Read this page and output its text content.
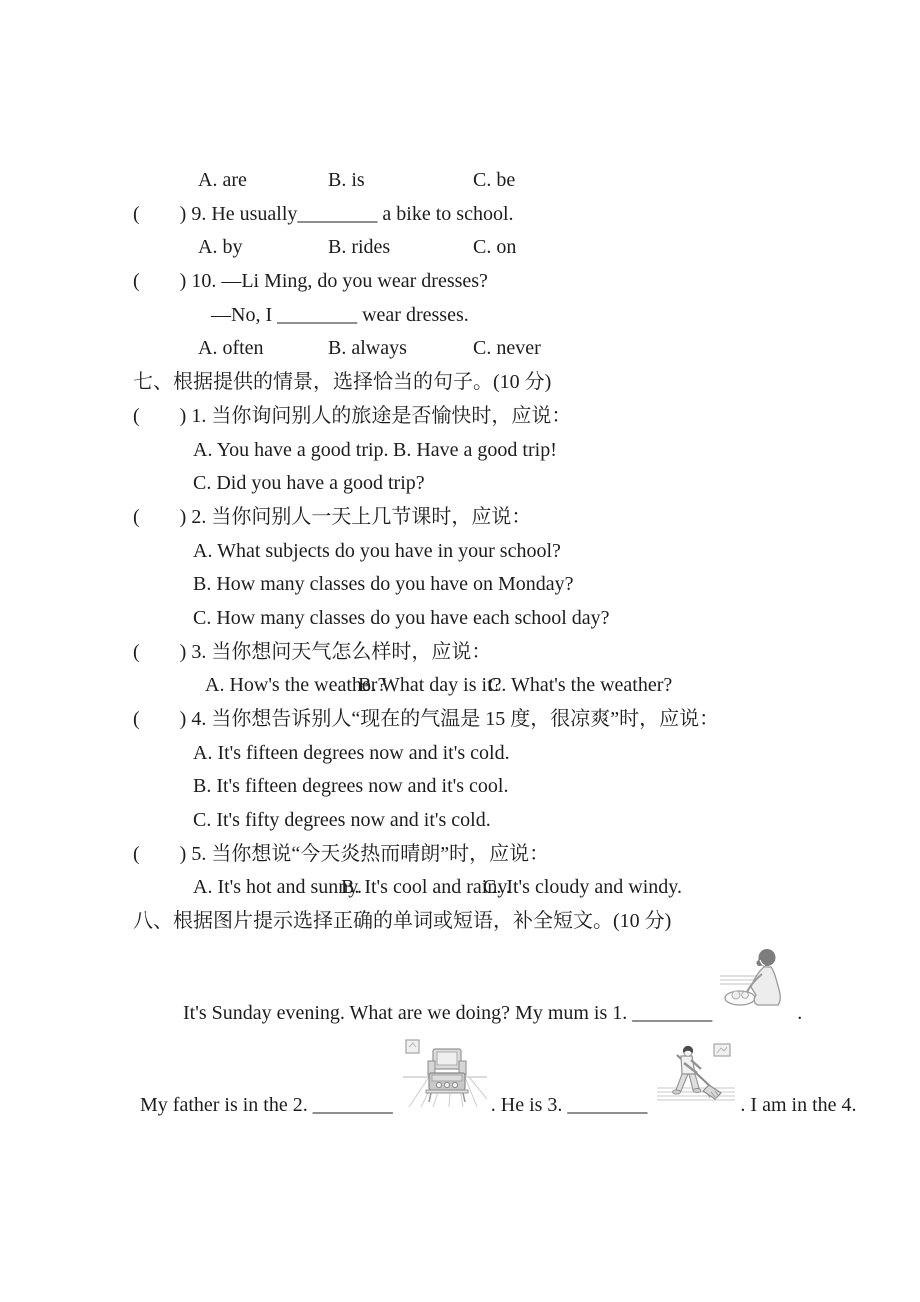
A. are	B. is	C. be
(　　) 9. He usually________ a bike to school.
A. by	B. rides	C. on
(　　) 10. —Li Ming, do you wear dresses?
—No, I ________ wear dresses.
A. often	B. always	C. never
七、根据提供的情景，选择恰当的句子。(10 分)
(　　) 1. 当你询问别人的旅途是否愉快时，应说：
A. You have a good trip. B. Have a good trip!
C. Did you have a good trip?
(　　) 2. 当你问别人一天上几节课时，应说：
A. What subjects do you have in your school?
B. How many classes do you have on Monday?
C. How many classes do you have each school day?
(　　) 3. 当你想问天气怎么样时，应说：
A. How's the weather?B. What day is it?C. What's the weather?
(　　) 4. 当你想告诉别人“现在的气温是 15 度，很凉爽”时，应说：
A. It's fifteen degrees now and it's cold.
B. It's fifteen degrees now and it's cool.
C. It's fifty degrees now and it's cold.
(　　) 5. 当你想说“今天炎热而晴朗”时，应说：
A. It's hot and sunny.B. It's cool and rainy.C. It's cloudy and windy.
八、根据图片提示选择正确的单词或短语，补全短文。(10 分)
It's Sunday evening. What are we doing? My mum is 1. ________	.
My father is in the 2. ________	. He is 3. ________	. I am in the 4.
